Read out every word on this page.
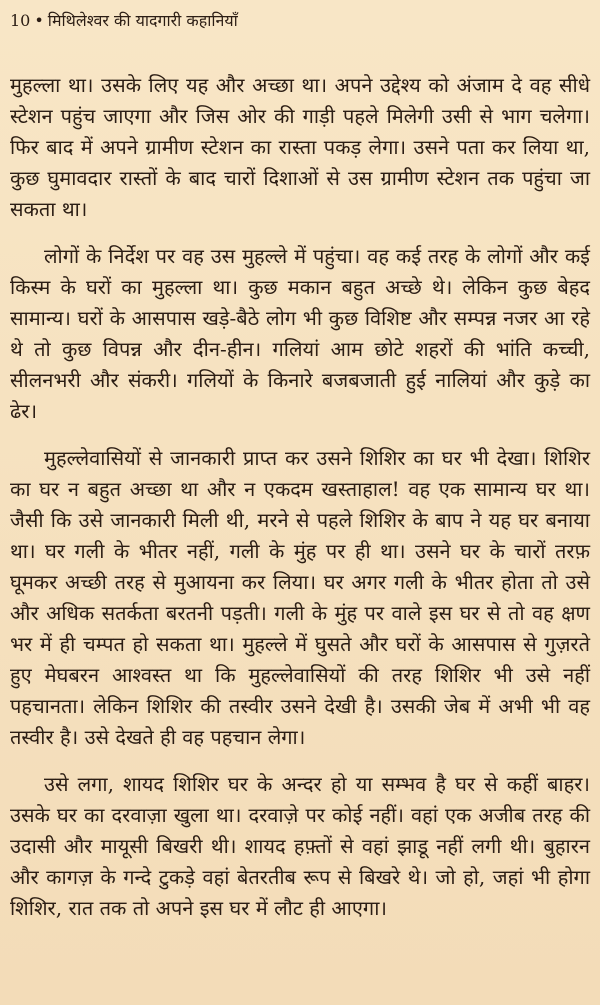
10 • मिथिलेश्वर की यादगारी कहानियाँ

मुहल्ला था। उसके लिए यह और अच्छा था। अपने उद्देश्य को अंजाम दे वह सीधे स्टेशन पहुंच जाएगा और जिस ओर की गाड़ी पहले मिलेगी उसी से भाग चलेगा। फिर बाद में अपने ग्रामीण स्टेशन का रास्ता पकड़ लेगा। उसने पता कर लिया था, कुछ घुमावदार रास्तों के बाद चारों दिशाओं से उस ग्रामीण स्टेशन तक पहुंचा जा सकता था।

लोगों के निर्देश पर वह उस मुहल्ले में पहुंचा। वह कई तरह के लोगों और कई किस्म के घरों का मुहल्ला था। कुछ मकान बहुत अच्छे थे। लेकिन कुछ बेहद सामान्य। घरों के आसपास खड़े-बैठे लोग भी कुछ विशिष्ट और सम्पन्न नजर आ रहे थे तो कुछ विपन्न और दीन-हीन। गलियां आम छोटे शहरों की भांति कच्ची, सीलनभरी और संकरी। गलियों के किनारे बजबजाती हुई नालियां और कुड़े का ढेर।

मुहल्लेवासियों से जानकारी प्राप्त कर उसने शिशिर का घर भी देखा। शिशिर का घर न बहुत अच्छा था और न एकदम खस्ताहाल! वह एक सामान्य घर था। जैसी कि उसे जानकारी मिली थी, मरने से पहले शिशिर के बाप ने यह घर बनाया था। घर गली के भीतर नहीं, गली के मुंह पर ही था। उसने घर के चारों तरफ़ घूमकर अच्छी तरह से मुआयना कर लिया। घर अगर गली के भीतर होता तो उसे और अधिक सतर्कता बरतनी पड़ती। गली के मुंह पर वाले इस घर से तो वह क्षण भर में ही चम्पत हो सकता था। मुहल्ले में घुसते और घरों के आसपास से गुज़रते हुए मेघबरन आश्वस्त था कि मुहल्लेवासियों की तरह शिशिर भी उसे नहीं पहचानता। लेकिन शिशिर की तस्वीर उसने देखी है। उसकी जेब में अभी भी वह तस्वीर है। उसे देखते ही वह पहचान लेगा।

उसे लगा, शायद शिशिर घर के अन्दर हो या सम्भव है घर से कहीं बाहर। उसके घर का दरवाज़ा खुला था। दरवाज़े पर कोई नहीं। वहां एक अजीब तरह की उदासी और मायूसी बिखरी थी। शायद हफ़्तों से वहां झाडू नहीं लगी थी। बुहारन और कागज़ के गन्दे टुकड़े वहां बेतरतीब रूप से बिखरे थे। जो हो, जहां भी होगा शिशिर, रात तक तो अपने इस घर में लौट ही आएगा।
